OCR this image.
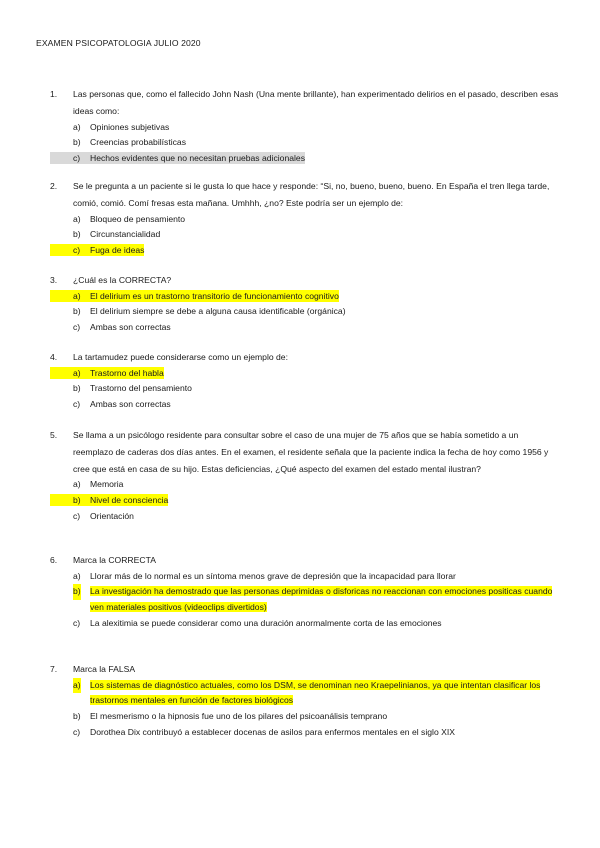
EXAMEN PSICOPATOLOGIA JULIO 2020
1. Las personas que, como el fallecido John Nash (Una mente brillante), han experimentado delirios en el pasado, describen esas ideas como:
a) Opiniones subjetivas
b) Creencias probabilísticas
c) Hechos evidentes que no necesitan pruebas adicionales
2. Se le pregunta a un paciente si le gusta lo que hace y responde: “Si, no, bueno, bueno, bueno. En España el tren llega tarde, comió, comió. Comí fresas esta mañana. Umhhh, ¿no? Este podría ser un ejemplo de:
a) Bloqueo de pensamiento
b) Circunstancialidad
c) Fuga de ideas
3. ¿Cuál es la CORRECTA?
a) El delirium es un trastorno transitorio de funcionamiento cognitivo
b) El delirium siempre se debe a alguna causa identificable (orgánica)
c) Ambas son correctas
4. La tartamudez puede considerarse como un ejemplo de:
a) Trastorno del habla
b) Trastorno del pensamiento
c) Ambas son correctas
5. Se llama a un psicólogo residente para consultar sobre el caso de una mujer de 75 años que se había sometido a un reemplazo de caderas dos días antes. En el examen, el residente señala que la paciente indica la fecha de hoy como 1956 y cree que está en casa de su hijo. Estas deficiencias, ¿Qué aspecto del examen del estado mental ilustran?
a) Memoria
b) Nivel de consciencia
c) Orientación
6. Marca la CORRECTA
a) Llorar más de lo normal es un síntoma menos grave de depresión que la incapacidad para llorar
b) La investigación ha demostrado que las personas deprimidas o disforicas no reaccionan con emociones positicas cuando ven materiales positivos (videoclips divertidos)
c) La alexitimia se puede considerar como una duración anormalmente corta de las emociones
7. Marca la FALSA
a) Los sistemas de diagnóstico actuales, como los DSM, se denominan neo Kraepelinianos, ya que intentan clasificar los trastornos mentales en función de factores biológicos
b) El mesmerismo o la hipnosis fue uno de los pilares del psicoanálisis temprano
c) Dorothea Dix contribuyó a establecer docenas de asilos para enfermos mentales en el siglo XIX
